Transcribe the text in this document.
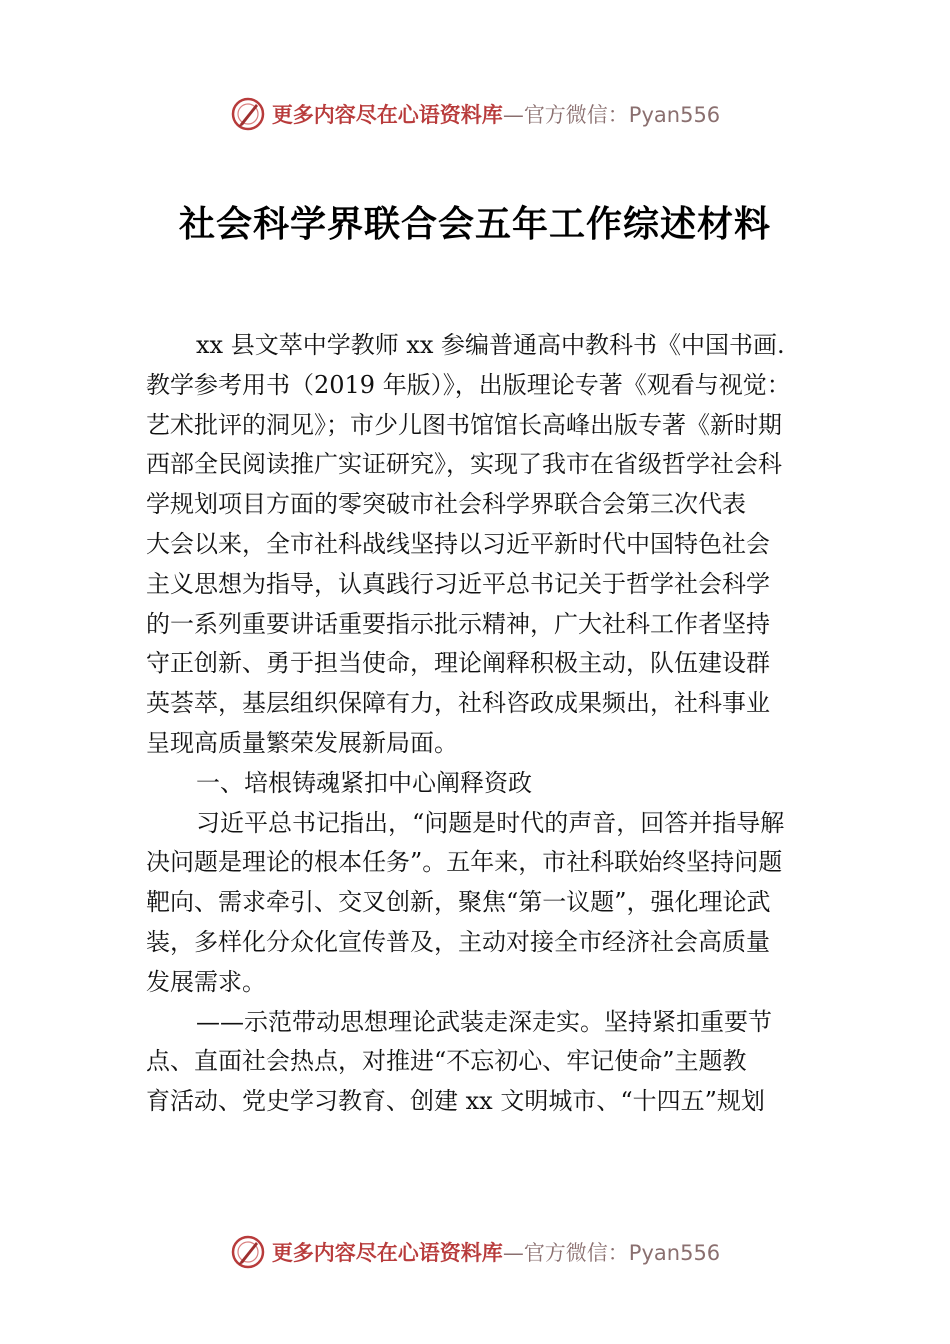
更多内容尽在心语资料库—官方微信：Pyan556
社会科学界联合会五年工作综述材料
xx 县文萃中学教师 xx 参编普通高中教科书《中国书画.
教学参考用书（2019 年版）》，出版理论专著《观看与视觉：
艺术批评的洞见》；市少儿图书馆馆长高峰出版专著《新时期
西部全民阅读推广实证研究》，实现了我市在省级哲学社会科
学规划项目方面的零突破市社会科学界联合会第三次代表
大会以来，全市社科战线坚持以习近平新时代中国特色社会
主义思想为指导，认真践行习近平总书记关于哲学社会科学
的一系列重要讲话重要指示批示精神，广大社科工作者坚持
守正创新、勇于担当使命，理论阐释积极主动，队伍建设群
英荟萃，基层组织保障有力，社科咨政成果频出，社科事业
呈现高质量繁荣发展新局面。
一、培根铸魂紧扣中心阐释资政
习近平总书记指出，“问题是时代的声音，回答并指导解
决问题是理论的根本任务”。五年来，市社科联始终坚持问题
靶向、需求牵引、交叉创新，聚焦“第一议题”，强化理论武
装，多样化分众化宣传普及，主动对接全市经济社会高质量
发展需求。
——示范带动思想理论武装走深走实。坚持紧扣重要节
点、直面社会热点，对推进“不忘初心、牢记使命”主题教
育活动、党史学习教育、创建 xx 文明城市、“十四五”规划
更多内容尽在心语资料库—官方微信：Pyan556
